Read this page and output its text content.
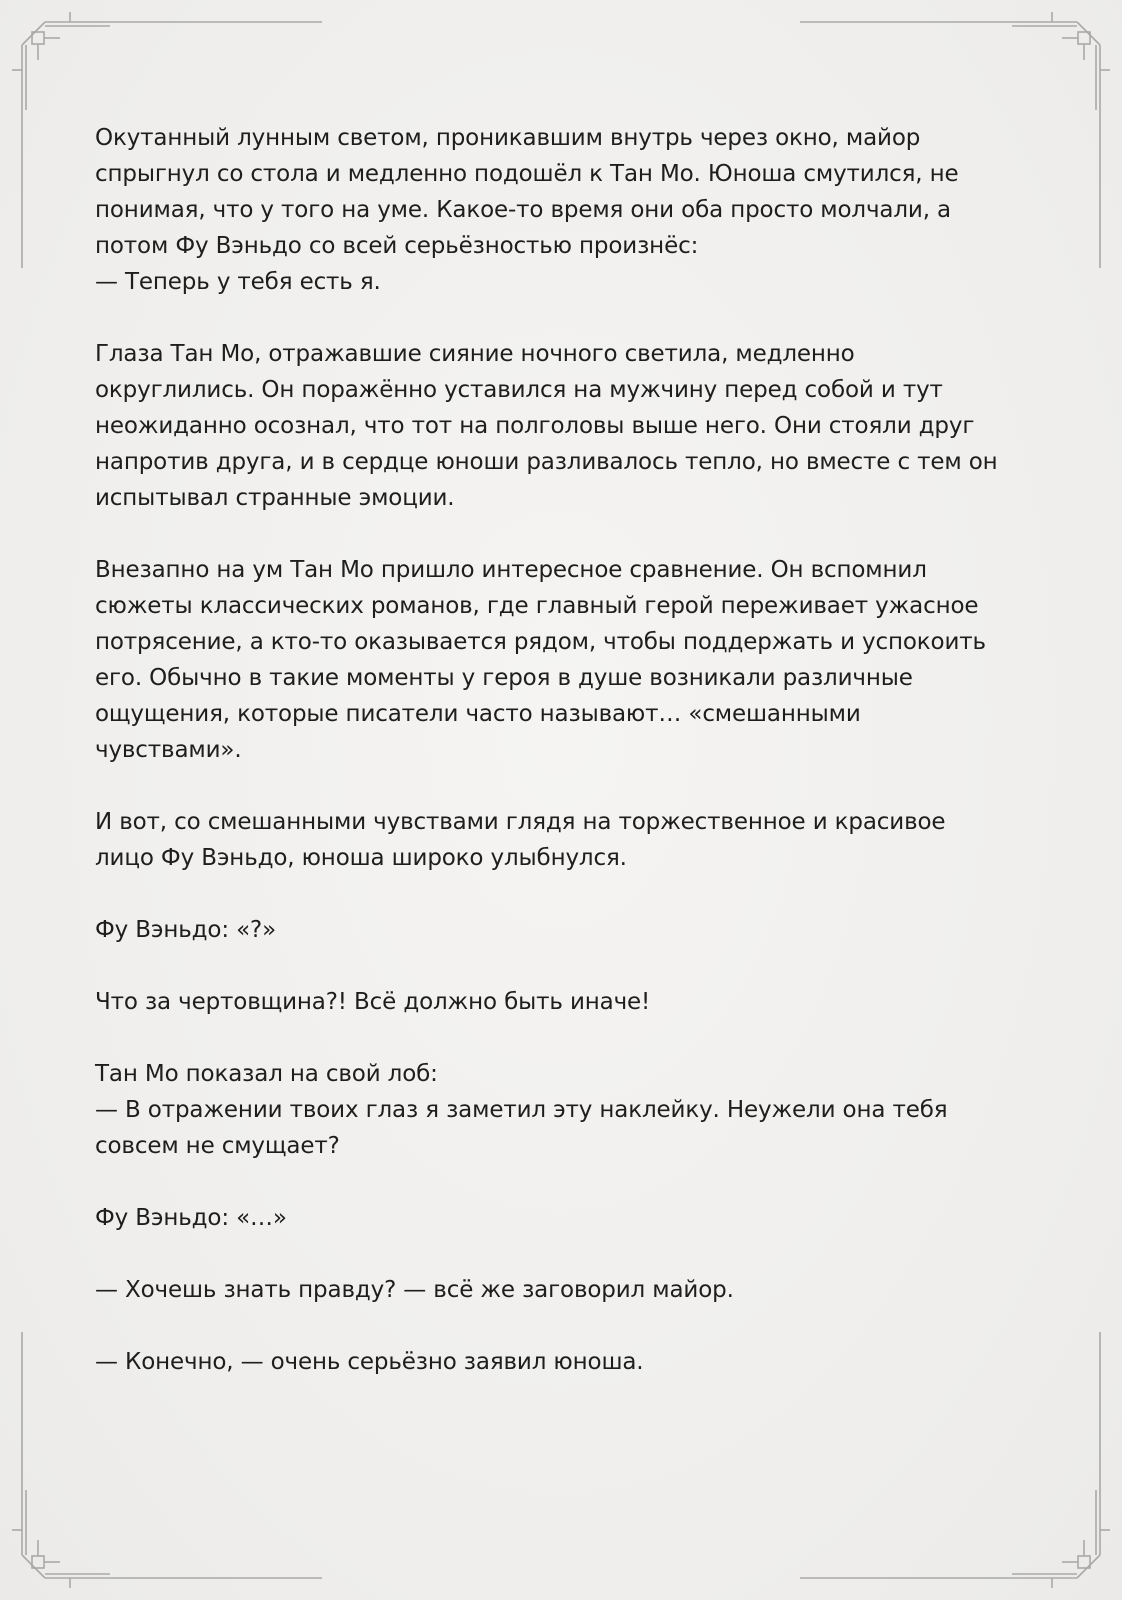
Окутанный лунным светом, проникавшим внутрь через окно, майор
спрыгнул со стола и медленно подошёл к Тан Мо. Юноша смутился, не
понимая, что у того на уме. Какое-то время они оба просто молчали, а
потом Фу Вэньдо со всей серьёзностью произнёс:
— Теперь у тебя есть я.

Глаза Тан Мо, отражавшие сияние ночного светила, медленно
округлились. Он поражённо уставился на мужчину перед собой и тут
неожиданно осознал, что тот на полголовы выше него. Они стояли друг
напротив друга, и в сердце юноши разливалось тепло, но вместе с тем он
испытывал странные эмоции.

Внезапно на ум Тан Мо пришло интересное сравнение. Он вспомнил
сюжеты классических романов, где главный герой переживает ужасное
потрясение, а кто-то оказывается рядом, чтобы поддержать и успокоить
его. Обычно в такие моменты у героя в душе возникали различные
ощущения, которые писатели часто называют… «смешанными
чувствами».

И вот, со смешанными чувствами глядя на торжественное и красивое
лицо Фу Вэньдо, юноша широко улыбнулся.

Фу Вэньдо: «?»

Что за чертовщина?! Всё должно быть иначе!

Тан Мо показал на свой лоб:
— В отражении твоих глаз я заметил эту наклейку. Неужели она тебя
совсем не смущает?

Фу Вэньдо: «…»

— Хочешь знать правду? — всё же заговорил майор.

— Конечно, — очень серьёзно заявил юноша.
